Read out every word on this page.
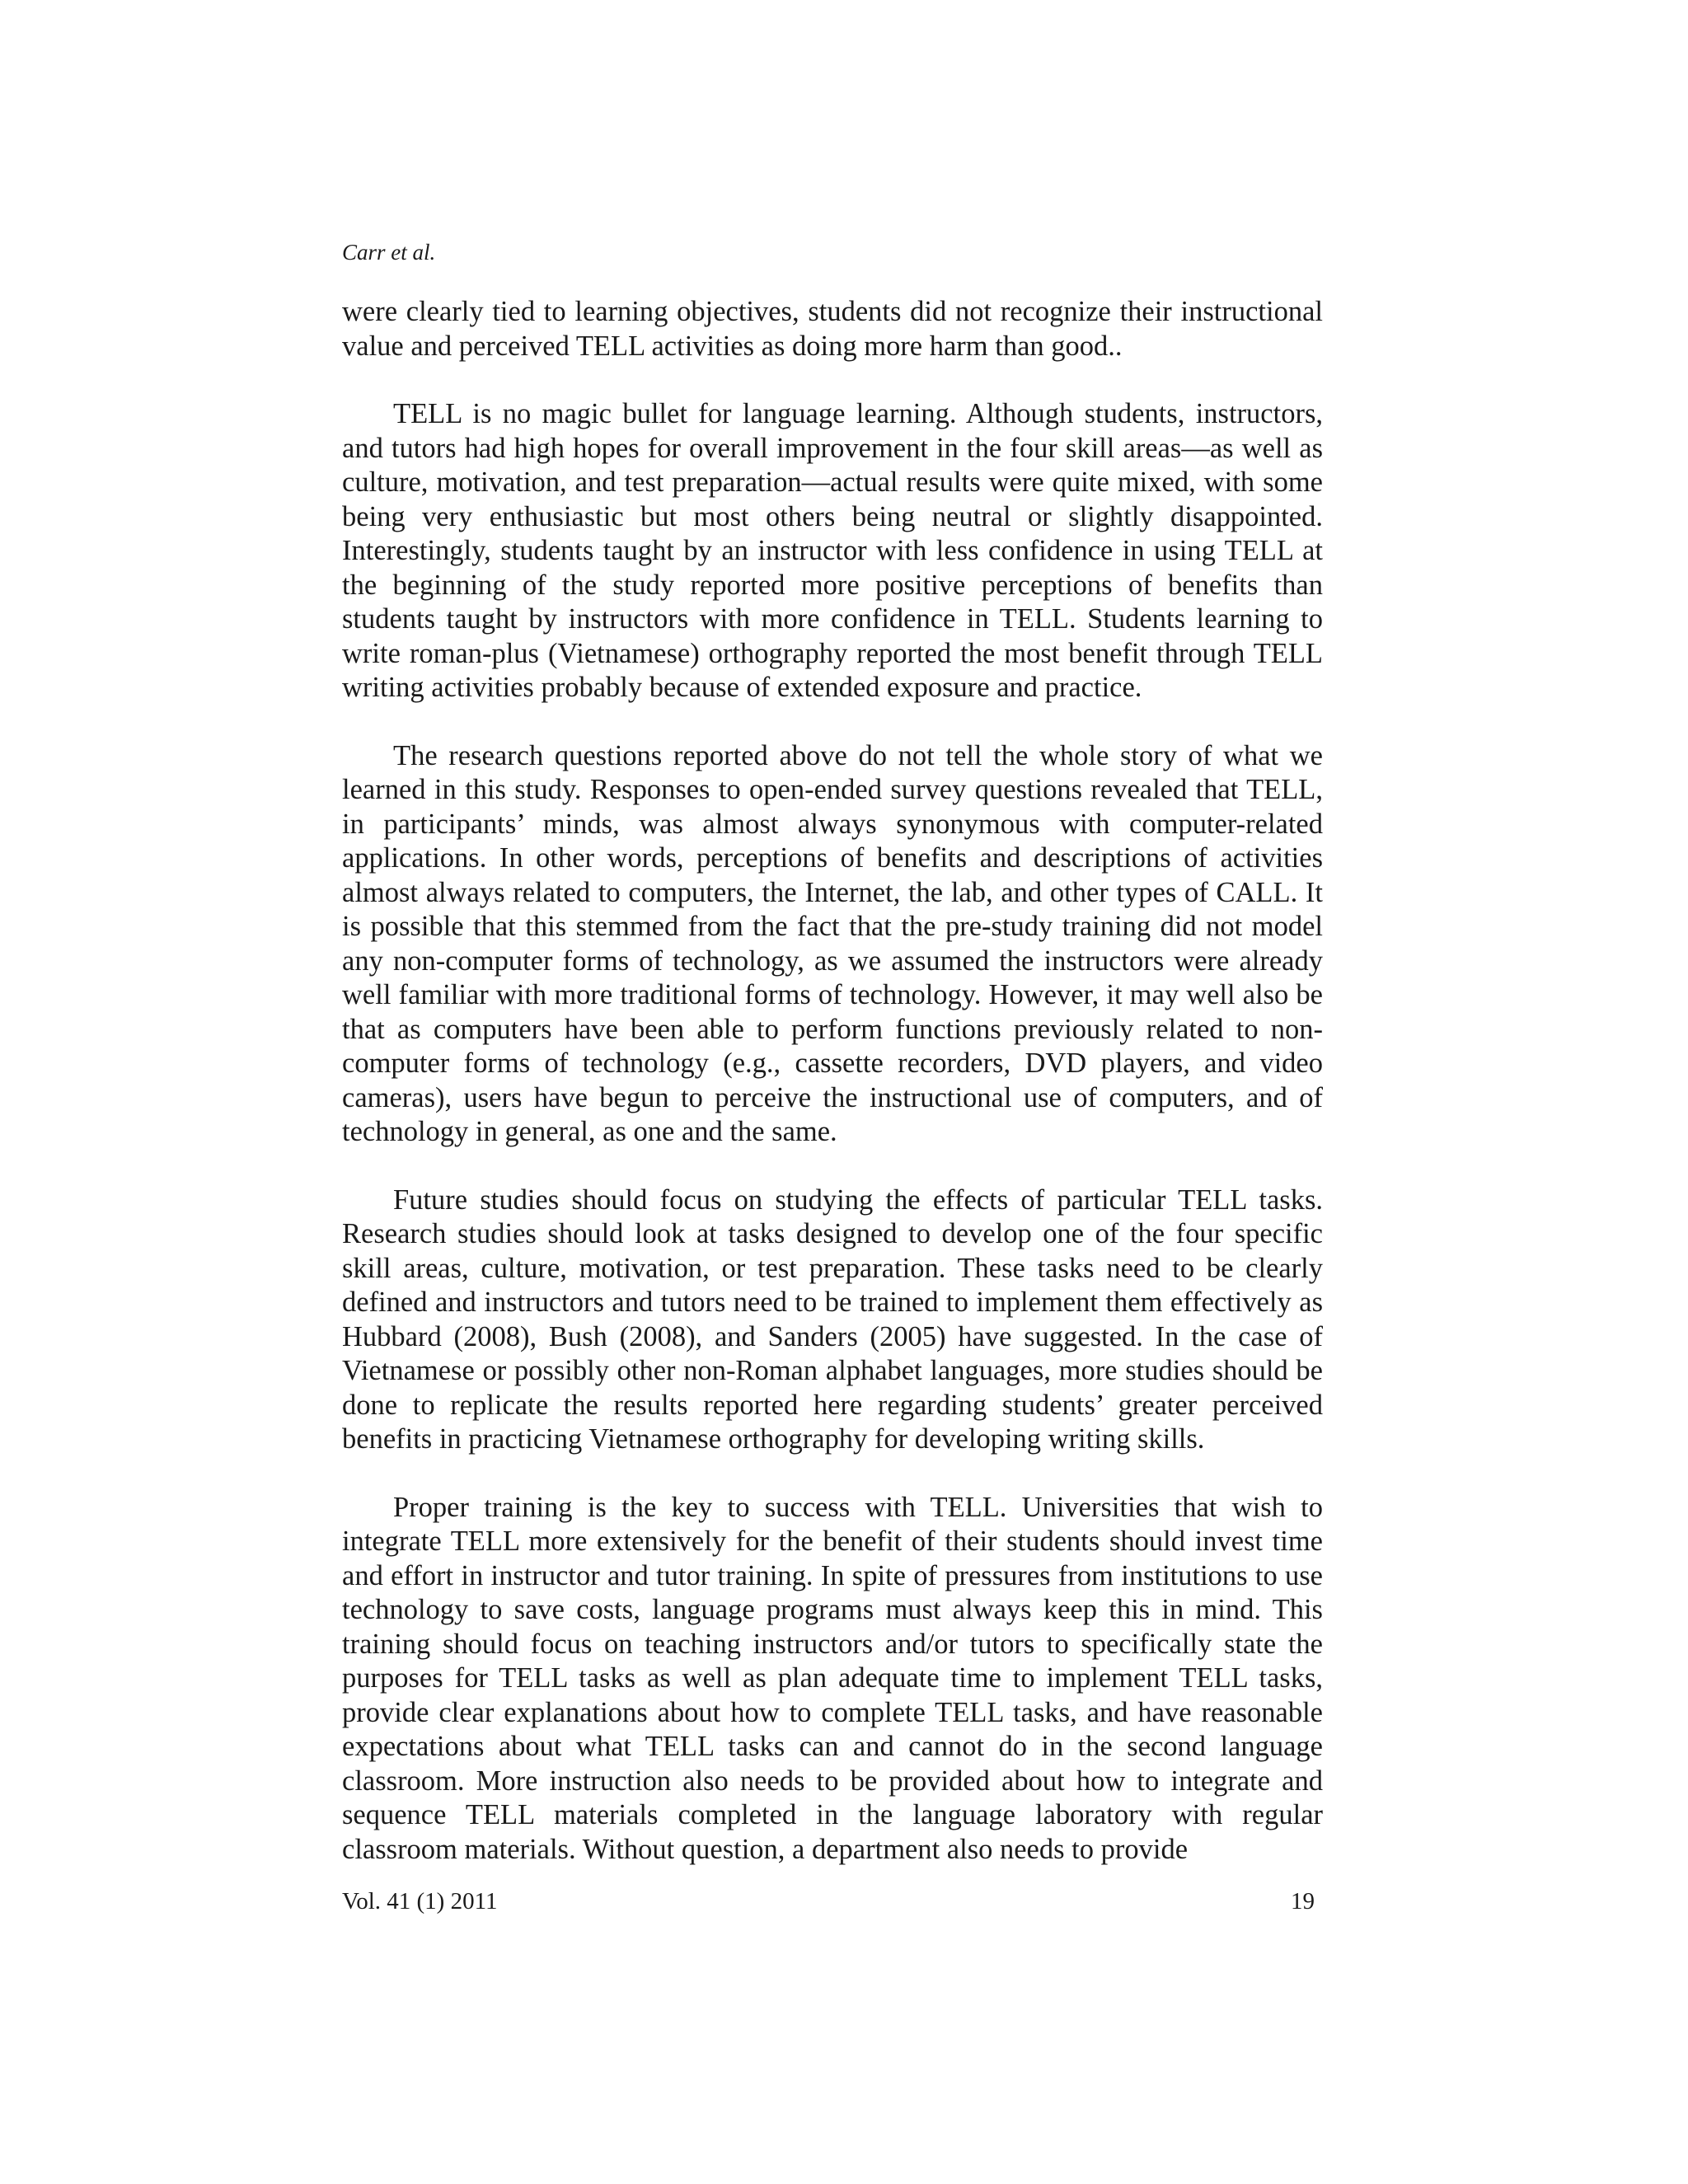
Carr et al.

were clearly tied to learning objectives, students did not recognize their instructional value and perceived TELL activities as doing more harm than good..

TELL is no magic bullet for language learning. Although students, instructors, and tutors had high hopes for overall improvement in the four skill areas—as well as culture, motivation, and test preparation—actual results were quite mixed, with some being very enthusiastic but most others being neutral or slightly disappointed. Interestingly, students taught by an instructor with less confidence in using TELL at the beginning of the study reported more positive perceptions of benefits than students taught by instructors with more confidence in TELL. Students learning to write roman-plus (Vietnamese) orthography reported the most benefit through TELL writing activities probably because of extended exposure and practice.

The research questions reported above do not tell the whole story of what we learned in this study. Responses to open-ended survey questions revealed that TELL, in participants’ minds, was almost always synonymous with computer-related applications. In other words, perceptions of benefits and descriptions of activities almost always related to computers, the Internet, the lab, and other types of CALL. It is possible that this stemmed from the fact that the pre-study training did not model any non-computer forms of technology, as we assumed the instructors were already well familiar with more traditional forms of technology. However, it may well also be that as computers have been able to perform functions previously related to non-computer forms of technology (e.g., cassette recorders, DVD players, and video cameras), users have begun to perceive the instructional use of computers, and of technology in general, as one and the same.

Future studies should focus on studying the effects of particular TELL tasks. Research studies should look at tasks designed to develop one of the four specific skill areas, culture, motivation, or test preparation. These tasks need to be clearly defined and instructors and tutors need to be trained to implement them effectively as Hubbard (2008), Bush (2008), and Sanders (2005) have suggested. In the case of Vietnamese or possibly other non-Roman alphabet languages, more studies should be done to replicate the results reported here regarding students’ greater perceived benefits in practicing Vietnamese orthography for developing writing skills.

Proper training is the key to success with TELL. Universities that wish to integrate TELL more extensively for the benefit of their students should invest time and effort in instructor and tutor training. In spite of pressures from institutions to use technology to save costs, language programs must always keep this in mind. This training should focus on teaching instructors and/or tutors to specifically state the purposes for TELL tasks as well as plan adequate time to implement TELL tasks, provide clear explanations about how to complete TELL tasks, and have reasonable expectations about what TELL tasks can and cannot do in the second language classroom. More instruction also needs to be provided about how to integrate and sequence TELL materials completed in the language laboratory with regular classroom materials. Without question, a department also needs to provide

Vol. 41 (1) 2011	19
